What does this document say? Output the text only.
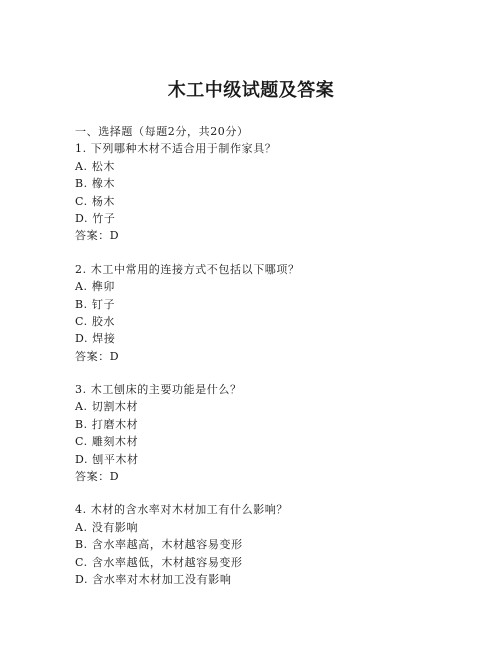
木工中级试题及答案
一、选择题（每题2分，共20分）
1. 下列哪种木材不适合用于制作家具？
A. 松木
B. 橡木
C. 杨木
D. 竹子
答案：D
2. 木工中常用的连接方式不包括以下哪项？
A. 榫卯
B. 钉子
C. 胶水
D. 焊接
答案：D
3. 木工刨床的主要功能是什么？
A. 切割木材
B. 打磨木材
C. 雕刻木材
D. 刨平木材
答案：D
4. 木材的含水率对木材加工有什么影响？
A. 没有影响
B. 含水率越高，木材越容易变形
C. 含水率越低，木材越容易变形
D. 含水率对木材加工没有影响
